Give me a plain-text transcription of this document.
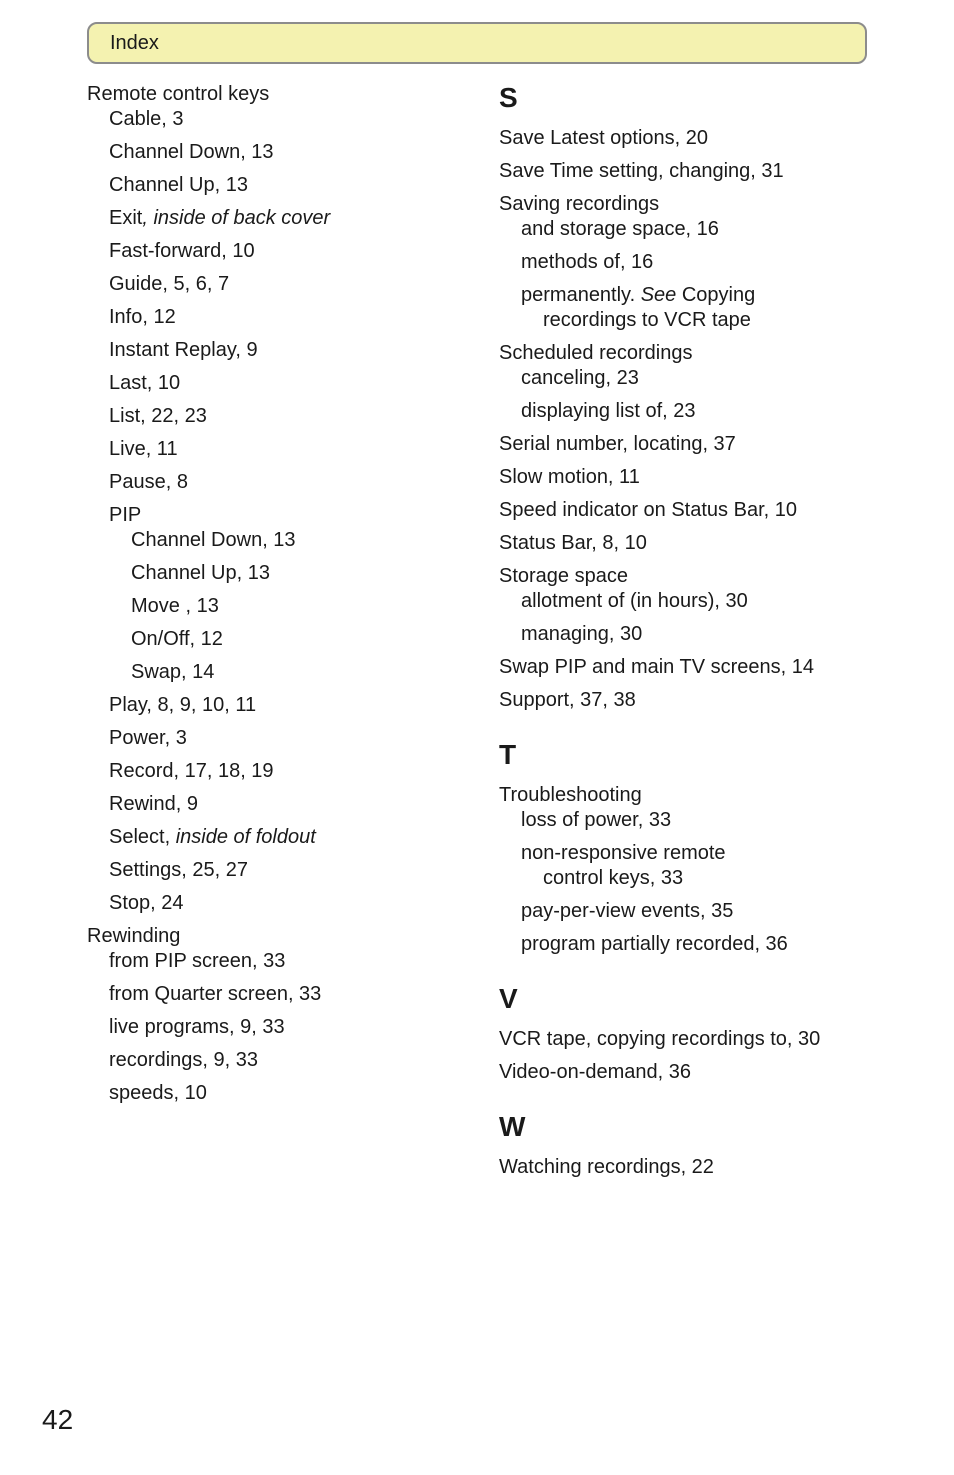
Index
Remote control keys
Cable, 3
Channel Down, 13
Channel Up, 13
Exit, inside of back cover
Fast-forward, 10
Guide, 5, 6, 7
Info, 12
Instant Replay, 9
Last, 10
List, 22, 23
Live, 11
Pause, 8
PIP
Channel Down, 13
Channel Up, 13
Move , 13
On/Off, 12
Swap, 14
Play, 8, 9, 10, 11
Power, 3
Record, 17, 18, 19
Rewind, 9
Select, inside of foldout
Settings, 25, 27
Stop, 24
Rewinding
from PIP screen, 33
from Quarter screen, 33
live programs, 9, 33
recordings, 9, 33
speeds, 10
S
Save Latest options, 20
Save Time setting, changing, 31
Saving recordings
and storage space, 16
methods of, 16
permanently. See Copying
recordings to VCR tape
Scheduled recordings
canceling, 23
displaying list of, 23
Serial number, locating, 37
Slow motion, 11
Speed indicator on Status Bar, 10
Status Bar, 8, 10
Storage space
allotment of (in hours), 30
managing, 30
Swap PIP and main TV screens, 14
Support, 37, 38
T
Troubleshooting
loss of power, 33
non-responsive remote
control keys, 33
pay-per-view events, 35
program partially recorded, 36
V
VCR tape, copying recordings to, 30
Video-on-demand, 36
W
Watching recordings, 22
42
